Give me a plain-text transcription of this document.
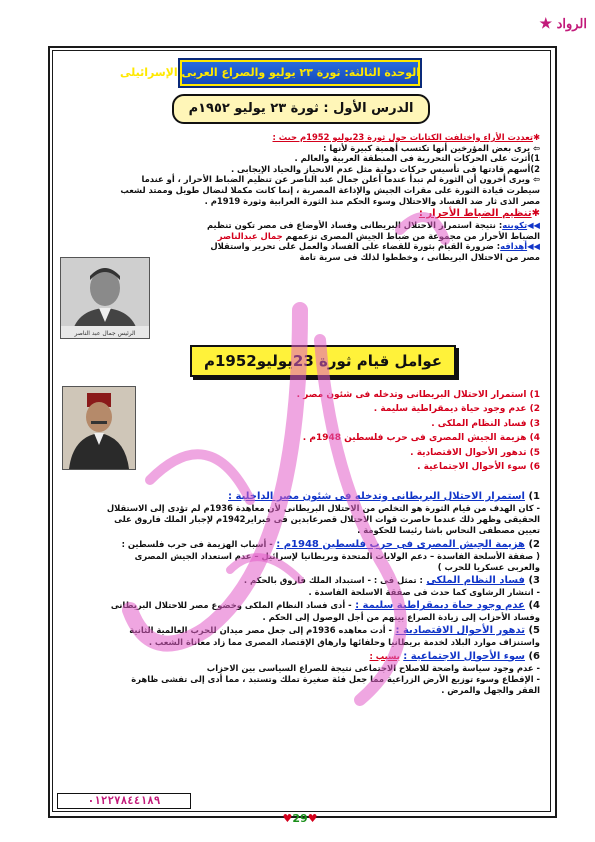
الرواد ★
الوحدة الثالثة: ثورة ٢٣ يوليو والصراع العربى الإسرائيلى
الدرس الأول : ثورة ٢٣ يوليو ١٩٥٢م

✱تعددت الأراء واختلفت الكتابات حول ثورة 23يوليو 1952م حيث :

⇦ يرى بعض المؤرخين أنها تكتسب أهمية كبيرة لأنها :

1)أثرت على الحركات التحررية فى المنطقة العربية والعالم .

2)أسهم قادتها فى تأسيس حركات دولية مثل عدم الانحياز والحياد الإيجابى .

⇦ ويرى أخرون أن الثورة لم تبدأ عندما أعلن جمال عبد الناصر عن تنظيم الضباط الأحرار ، أو عندما

سيطرت قيادة الثورة على مقرات الجيش والإذاعة المصرية ، إنما كانت مكملا لنضال طويل وممتد لشعب

مصر الذى ثار ضد الفساد والاحتلال وسوء الحكم منذ الثورة العرابية وثورة 1919م .

✱تنظيم الضباط الأحرار :

◀◀تكوينه: نتيجة استمرار الاحتلال البريطانى وفساد الأوضاع فى مصر تكون تنظيم

الضباط الأحرار من مجموعة من ضباط الجيش المصرى تزعمهم جمال عبدالناصر

◀◀أهدافه: ضرورة القيام بثورة للقضاء على الفساد والعمل على تحرير واستقلال

مصر من الاحتلال البريطانى ، وخططوا لذلك فى سرية تامة

الرئيس جمال عبد الناصر
عوامل قيام ثورة 23يوليو1952م

1) استمرار الاحتلال البريطانى وتدخله فى شئون مصر .

2) عدم وجود حياة ديمقراطية سليمة .

3) فساد النظام الملكى .

4) هزيمة الجيش المصرى فى حرب فلسطين 1948م .

5) تدهور الأحوال الاقتصادية .

6) سوء الأحوال الاجتماعية .

1) استمرار الاحتلال البريطانى وتدخله فى شئون مصر الداخلية :

- كان الهدف من قيام الثورة هو التخلص من الاحتلال البريطانى لأن معاهدة 1936م لم تؤدى إلى الاستقلال

الحقيقى وظهر ذلك عندما حاصرت قوات الاحتلال قصرعابدين فى فبراير1942م لإجبار الملك فاروق على

تعيين مصطفى النحاس باشا رئيسا للحكومة .

2) هزيمة الجيش المصرى فى حرب فلسطين 1948م : - أسباب الهزيمة فى حرب فلسطين :

( صفقة الأسلحة الفاسدة – دعم الولايات المتحدة وبريطانيا لإسرائيل – عدم استعداد الجيش المصرى

والعربى عسكريا للحرب )

3) فساد النظام الملكى : تمثل فى : - استبداد الملك فاروق بالحكم .

- انتشار الرشاوى كما حدث فى صفقة الاسلحة الفاسدة .

4) عدم وجود حياة ديمقراطية سليمة : - أدى فساد النظام الملكى وخضوع مصر للاحتلال البريطانى

وفساد الأحزاب إلى زيادة الصراع بينهم من أجل الوصول إلى الحكم .

5) تدهور الأحوال الاقتصادية : - أدت معاهده 1936م إلى جعل مصر ميدان للحرب العالمية الثانية

واستنزاف موارد البلاد لخدمة بريطانيا وحلفائها وارهاق الإقتصاد المصرى مما زاد معاناة الشعب .

6) سوء الأحوال الاجتماعية : بسبب :

- عدم وجود سياسة واضحة للاصلاح الاجتماعى نتيجة للصراع السياسى بين الاحزاب

- الإقطاع وسوء توزيع الأرض الزراعية مما جعل فئة صغيرة تملك وتستبد ، مما أدى إلى تفشى ظاهرة

الفقر والجهل والمرض .

٠١٢٢٧٨٤٤١٨٩
♥29♥
